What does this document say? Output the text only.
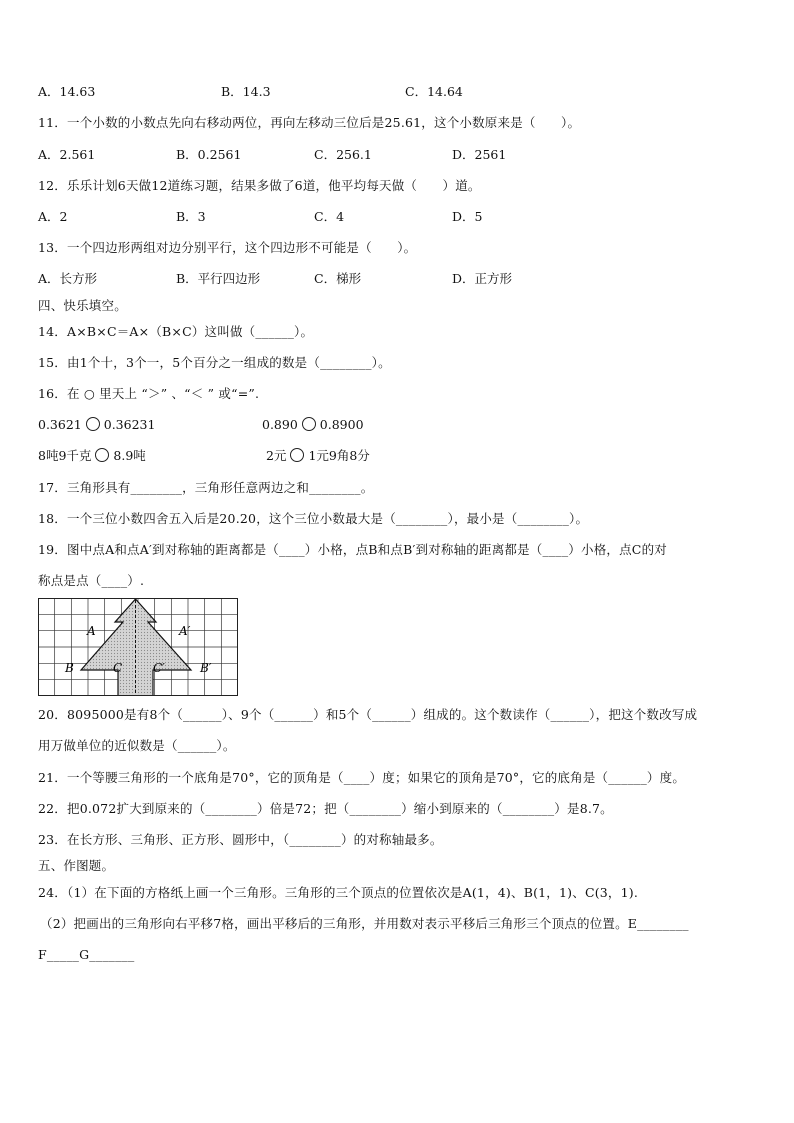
A．14.63	B．14.3	C．14.64
11．一个小数的小数点先向右移动两位，再向左移动三位后是25.61，这个小数原来是（　　）。
A．2.561	B．0.2561	C．256.1	D．2561
12．乐乐计划6天做12道练习题，结果多做了6道，他平均每天做（　　）道。
A．2	B．3	C．4	D．5
13．一个四边形两组对边分别平行，这个四边形不可能是（　　）。
A．长方形	B．平行四边形	C．梯形	D．正方形
四、快乐填空。
14．A×B×C＝A×（B×C）这叫做（______）。
15．由1个十，3个一，5个百分之一组成的数是（________）。
16．在 ○ 里天上 “＞” 、“＜ ” 或“=”.
0.3621 0.36231	0.890 0.8900
8吨9千克 8.9吨	2元 1元9角8分
17．三角形具有________，三角形任意两边之和________。
18．一个三位小数四舍五入后是20.20，这个三位小数最大是（________），最小是（________）。
19．图中点A和点A′到对称轴的距离都是（____）小格，点B和点B′到对称轴的距离都是（____）小格，点C的对
称点是点（____）.
A	A′
B	B′
C	C′
20．8095000是有8个（______）、9个（______）和5个（______）组成的。这个数读作（______），把这个数改写成
用万做单位的近似数是（______）。
21．一个等腰三角形的一个底角是70°，它的顶角是（____）度；如果它的顶角是70°，它的底角是（______）度。
22．把0.072扩大到原来的（________）倍是72；把（________）缩小到原来的（________）是8.7。
23．在长方形、三角形、正方形、圆形中，（________）的对称轴最多。
五、作图题。
24．（1）在下面的方格纸上画一个三角形。三角形的三个顶点的位置依次是A(1，4)、B(1，1)、C(3，1).
（2）把画出的三角形向右平移7格，画出平移后的三角形，并用数对表示平移后三角形三个顶点的位置。E________
F_____G_______
